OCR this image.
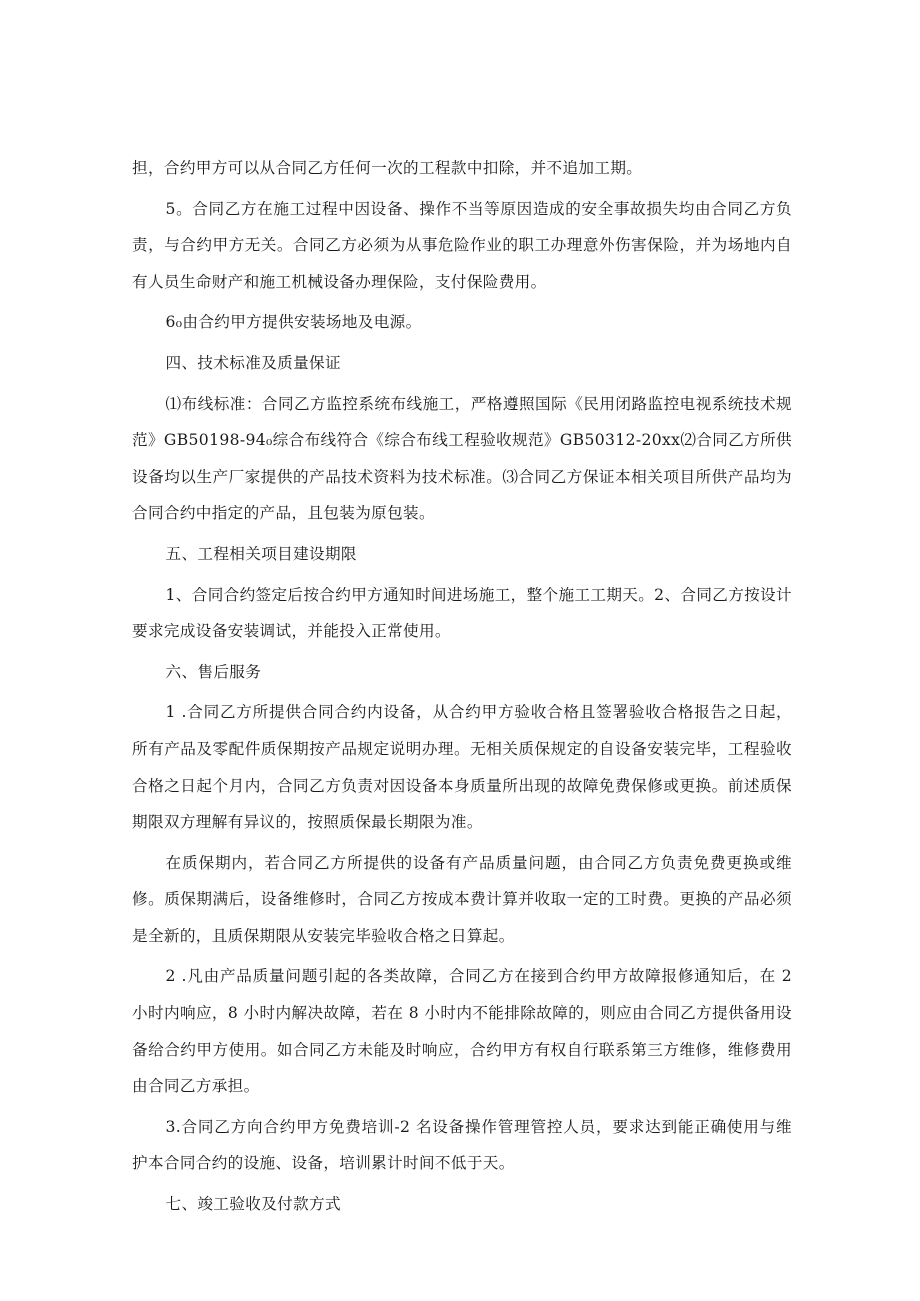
担，合约甲方可以从合同乙方任何一次的工程款中扣除，并不追加工期。

5。合同乙方在施工过程中因设备、操作不当等原因造成的安全事故损失均由合同乙方负责，与合约甲方无关。合同乙方必须为从事危险作业的职工办理意外伤害保险，并为场地内自有人员生命财产和施工机械设备办理保险，支付保险费用。

6₀由合约甲方提供安装场地及电源。

四、技术标准及质量保证

⑴布线标准：合同乙方监控系统布线施工，严格遵照国际《民用闭路监控电视系统技术规范》GB50198-94₀综合布线符合《综合布线工程验收规范》GB50312-20xx⑵合同乙方所供设备均以生产厂家提供的产品技术资料为技术标准。⑶合同乙方保证本相关项目所供产品均为合同合约中指定的产品，且包装为原包装。

五、工程相关项目建设期限

1、合同合约签定后按合约甲方通知时间进场施工，整个施工工期天。2、合同乙方按设计要求完成设备安装调试，并能投入正常使用。

六、售后服务

1 .合同乙方所提供合同合约内设备，从合约甲方验收合格且签署验收合格报告之日起，所有产品及零配件质保期按产品规定说明办理。无相关质保规定的自设备安装完毕，工程验收合格之日起个月内，合同乙方负责对因设备本身质量所出现的故障免费保修或更换。前述质保期限双方理解有异议的，按照质保最长期限为准。

在质保期内，若合同乙方所提供的设备有产品质量问题，由合同乙方负责免费更换或维修。质保期满后，设备维修时，合同乙方按成本费计算并收取一定的工时费。更换的产品必须是全新的，且质保期限从安装完毕验收合格之日算起。

2 .凡由产品质量问题引起的各类故障，合同乙方在接到合约甲方故障报修通知后，在 2 小时内响应，8 小时内解决故障，若在 8 小时内不能排除故障的，则应由合同乙方提供备用设备给合约甲方使用。如合同乙方未能及时响应，合约甲方有权自行联系第三方维修，维修费用由合同乙方承担。

3.合同乙方向合约甲方免费培训-2 名设备操作管理管控人员，要求达到能正确使用与维护本合同合约的设施、设备，培训累计时间不低于天。

七、竣工验收及付款方式
